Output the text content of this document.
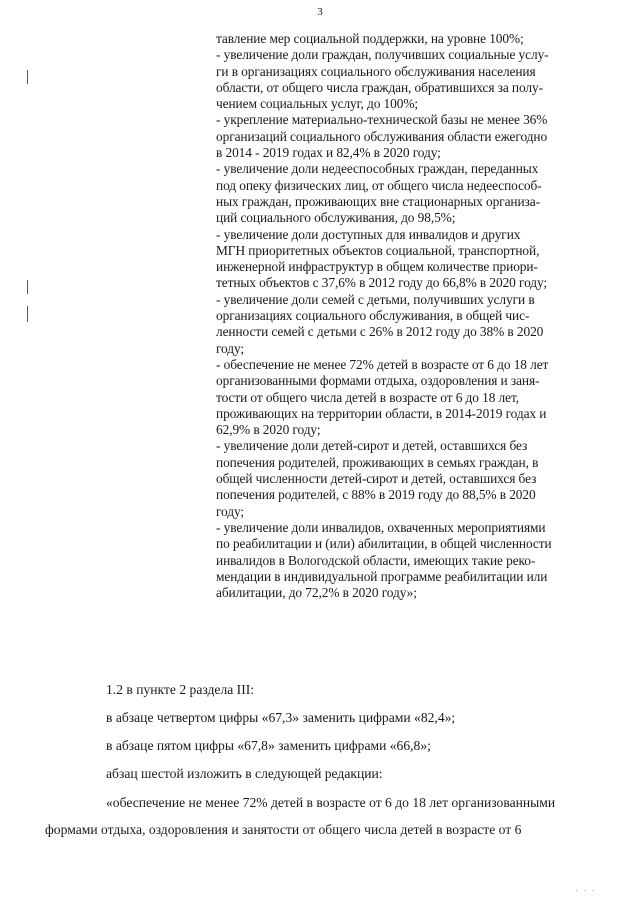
3
тавление мер социальной поддержки, на уровне 100%;
- увеличение доли граждан, получивших социальные услу-
ги в организациях социального обслуживания населения
области, от общего числа граждан, обратившихся за полу-
чением социальных услуг, до 100%;
- укрепление материально-технической базы не менее 36%
организаций социального обслуживания области ежегодно
в 2014 - 2019 годах и 82,4% в 2020 году;
- увеличение доли недееспособных граждан, переданных
под опеку физических лиц, от общего числа недееспособ-
ных граждан, проживающих вне стационарных организа-
ций социального обслуживания, до 98,5%;
- увеличение доли доступных для инвалидов и других
МГН приоритетных объектов социальной, транспортной,
инженерной инфраструктур в общем количестве приори-
тетных объектов с 37,6% в 2012 году до 66,8% в 2020 году;
- увеличение доли семей с детьми, получивших услуги в
организациях социального обслуживания, в общей чис-
ленности семей с детьми с 26% в 2012 году до 38% в 2020
году;
- обеспечение не менее 72% детей в возрасте от 6 до 18 лет
организованными формами отдыха, оздоровления и заня-
тости от общего числа детей в возрасте от 6 до 18 лет,
проживающих на территории области, в 2014-2019 годах и
62,9% в 2020 году;
- увеличение доли детей-сирот и детей, оставшихся без
попечения родителей, проживающих в семьях граждан, в
общей численности детей-сирот и детей, оставшихся без
попечения родителей, с 88% в 2019 году до 88,5% в 2020
году;
- увеличение доли инвалидов, охваченных мероприятиями
по реабилитации и (или) абилитации, в общей численности
инвалидов в Вологодской области, имеющих такие реко-
мендации в индивидуальной программе реабилитации или
абилитации, до 72,2% в 2020 году»;
1.2 в пункте 2 раздела III:
в абзаце четвертом цифры «67,3» заменить цифрами «82,4»;
в абзаце пятом цифры «67,8» заменить цифрами «66,8»;
абзац шестой изложить в следующей редакции:
«обеспечение не менее 72% детей в возрасте от 6 до 18 лет организованными
формами отдыха, оздоровления и занятости от общего числа детей в возрасте от 6
· · ·
